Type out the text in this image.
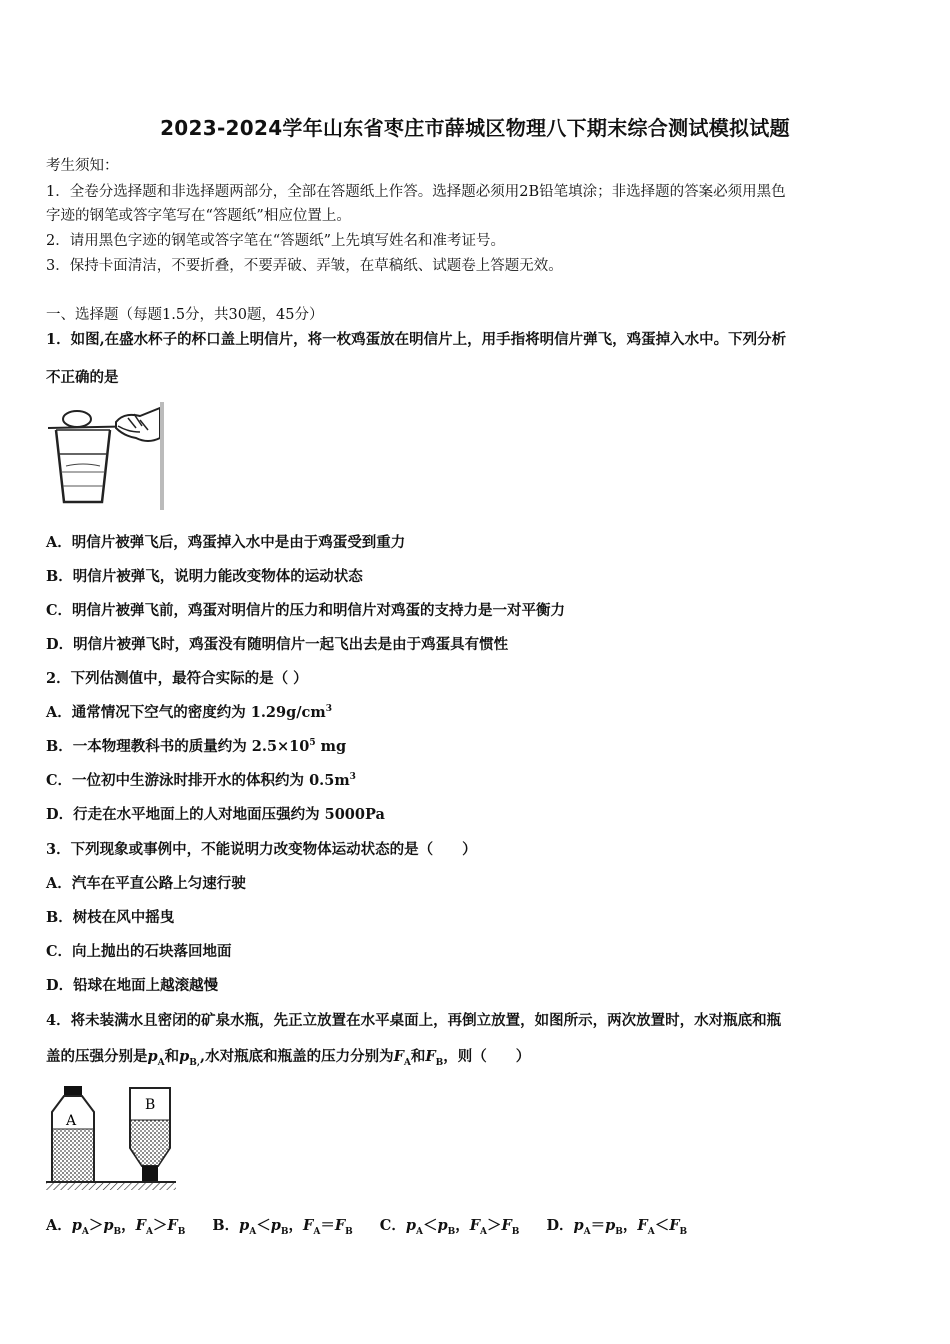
2023-2024学年山东省枣庄市薛城区物理八下期末综合测试模拟试题
考生须知：
1．全卷分选择题和非选择题两部分，全部在答题纸上作答。选择题必须用2B铅笔填涂；非选择题的答案必须用黑色
字迹的钢笔或答字笔写在“答题纸”相应位置上。
2．请用黑色字迹的钢笔或答字笔在“答题纸”上先填写姓名和准考证号。
3．保持卡面清洁，不要折叠，不要弄破、弄皱，在草稿纸、试题卷上答题无效。
一、选择题（每题1.5分，共30题，45分）
1．如图,在盛水杯子的杯口盖上明信片，将一枚鸡蛋放在明信片上，用手指将明信片弹飞，鸡蛋掉入水中。下列分析
不正确的是
A．明信片被弹飞后，鸡蛋掉入水中是由于鸡蛋受到重力
B．明信片被弹飞，说明力能改变物体的运动状态
C．明信片被弹飞前，鸡蛋对明信片的压力和明信片对鸡蛋的支持力是一对平衡力
D．明信片被弹飞时，鸡蛋没有随明信片一起飞出去是由于鸡蛋具有惯性
2．下列估测值中，最符合实际的是（ ）
A．通常情况下空气的密度约为 $1.29g/cm^3$
B．一本物理教科书的质量约为 $2.5\times 10^5$ mg
C．一位初中生游泳时排开水的体积约为 $0.5m^3$
D．行走在水平地面上的人对地面压强约为 5000Pa
3．下列现象或事例中，不能说明力改变物体运动状态的是（　　）
A．汽车在平直公路上匀速行驶
B．树枝在风中摇曳
C．向上抛出的石块落回地面
D．铅球在地面上越滚越慢
4．将未装满水且密闭的矿泉水瓶，先正立放置在水平桌面上，再倒立放置，如图所示，两次放置时，水对瓶底和瓶
盖的压强分别是$p_A$和$p_{B,}$,水对瓶底和瓶盖的压力分别为$F_A$和$F_B$，则（　　）
A
B
A．$p_A>p_B$，$F_A>F_B$ B．$p_A<p_B$，$F_A=F_B$ C．$p_A<p_B$，$F_A>F_B$ D．$p_A=p_B$，$F_A<F_B$
